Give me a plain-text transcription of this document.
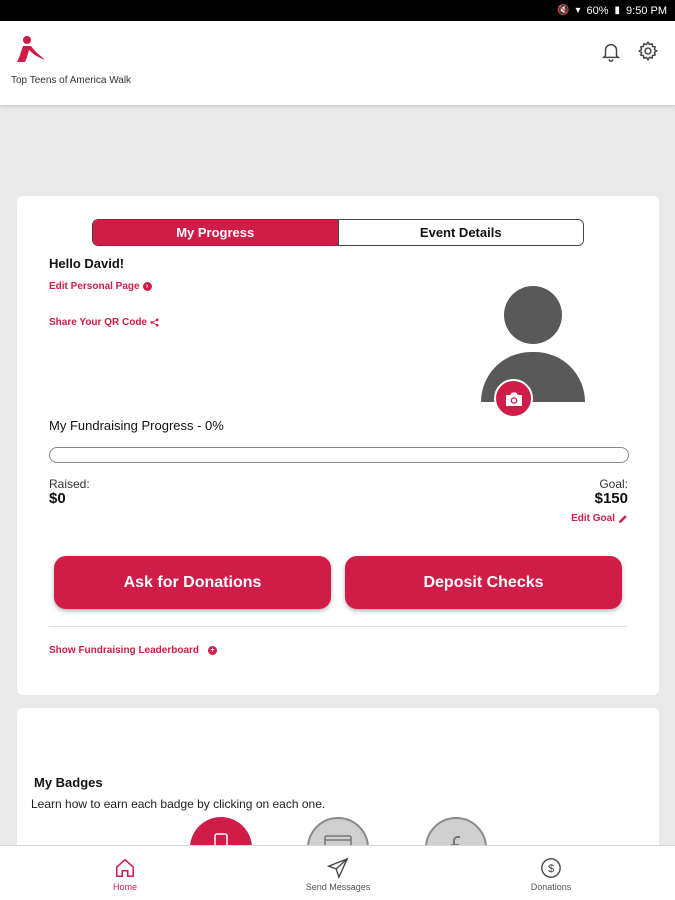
🔇 ▾ 60% ▮ 9:50 PM
Top Teens of America Walk
My Progress	Event Details
Hello David!
Edit Personal Page ›
Share Your QR Code
My Fundraising Progress - 0%
Raised:
$0
Goal:
$150
Edit Goal
Ask for Donations	Deposit Checks
Show Fundraising Leaderboard	+
My Badges
Learn how to earn each badge by clicking on each one.
Home	Send Messages
$
Donations
